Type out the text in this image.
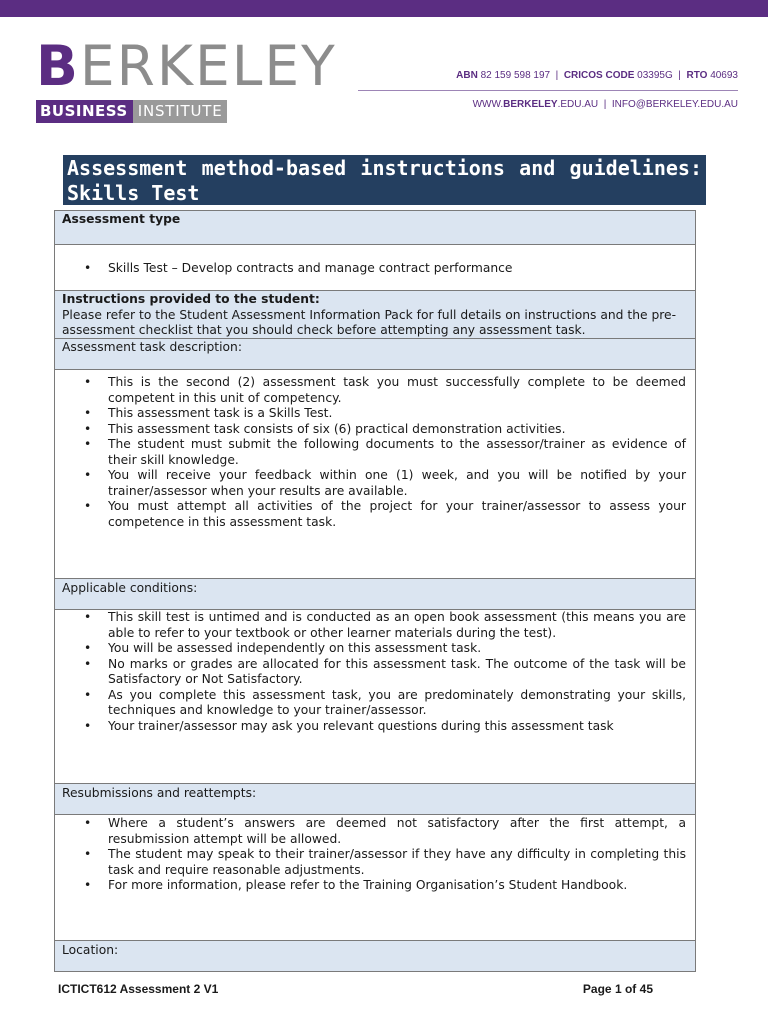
BERKELEY
BUSINESS INSTITUTE
ABN 82 159 598 197  |  CRICOS CODE 03395G  |  RTO 40693
WWW.BERKELEY.EDU.AU  |  INFO@BERKELEY.EDU.AU
Assessment method-based instructions and guidelines: Skills Test
Assessment type
• Skills Test – Develop contracts and manage contract performance
Instructions provided to the student:
Please refer to the Student Assessment Information Pack for full details on instructions and the pre- assessment checklist that you should check before attempting any assessment task.
Assessment task description:
• This is the second (2) assessment task you must successfully complete to be deemed competent in this unit of competency.
• This assessment task is a Skills Test.
• This assessment task consists of six (6) practical demonstration activities.
• The student must submit the following documents to the assessor/trainer as evidence of their skill knowledge.
• You will receive your feedback within one (1) week, and you will be notified by your trainer/assessor when your results are available.
• You must attempt all activities of the project for your trainer/assessor to assess your competence in this assessment task.
Applicable conditions:
• This skill test is untimed and is conducted as an open book assessment (this means you are able to refer to your textbook or other learner materials during the test).
• You will be assessed independently on this assessment task.
• No marks or grades are allocated for this assessment task. The outcome of the task will be Satisfactory or Not Satisfactory.
• As you complete this assessment task, you are predominately demonstrating your skills, techniques and knowledge to your trainer/assessor.
• Your trainer/assessor may ask you relevant questions during this assessment task
Resubmissions and reattempts:
• Where a student’s answers are deemed not satisfactory after the first attempt, a resubmission attempt will be allowed.
• The student may speak to their trainer/assessor if they have any difficulty in completing this task and require reasonable adjustments.
• For more information, please refer to the Training Organisation’s Student Handbook.
Location:
ICTICT612 Assessment 2 V1	Page 1 of 45
